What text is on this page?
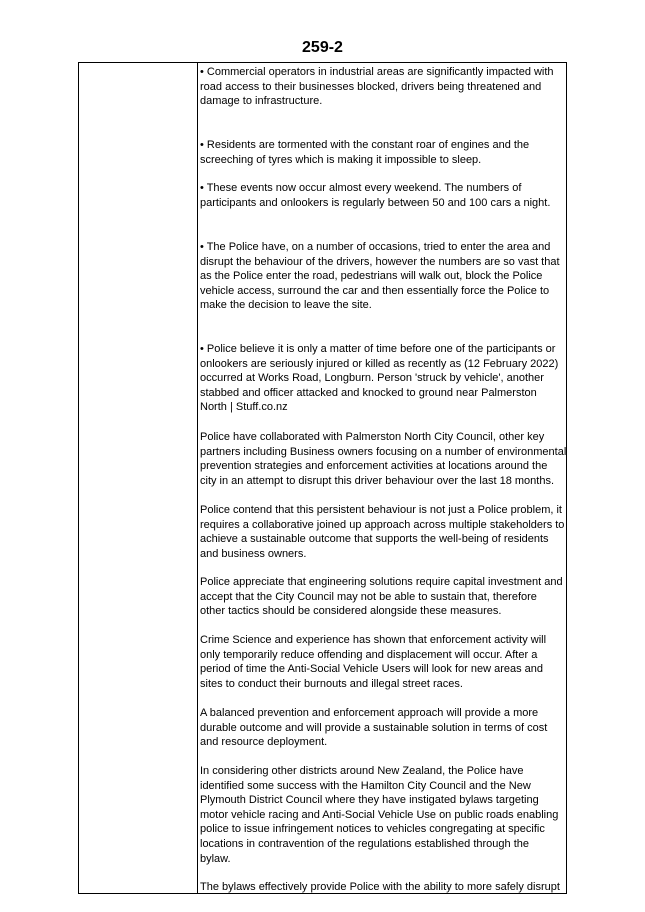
259-2

• Commercial operators in industrial areas are significantly impacted with
road access to their businesses blocked, drivers being threatened and
damage to infrastructure.

• Residents are tormented with the constant roar of engines and the
screeching of tyres which is making it impossible to sleep.

• These events now occur almost every weekend. The numbers of
participants and onlookers is regularly between 50 and 100 cars a night.

• The Police have, on a number of occasions, tried to enter the area and
disrupt the behaviour of the drivers, however the numbers are so vast that
as the Police enter the road, pedestrians will walk out, block the Police
vehicle access, surround the car and then essentially force the Police to
make the decision to leave the site.

• Police believe it is only a matter of time before one of the participants or
onlookers are seriously injured or killed as recently as (12 February 2022)
occurred at Works Road, Longburn. Person 'struck by vehicle', another
stabbed and officer attacked and knocked to ground near Palmerston
North | Stuff.co.nz

Police have collaborated with Palmerston North City Council, other key
partners including Business owners focusing on a number of environmental
prevention strategies and enforcement activities at locations around the
city in an attempt to disrupt this driver behaviour over the last 18 months.

Police contend that this persistent behaviour is not just a Police problem, it
requires a collaborative joined up approach across multiple stakeholders to
achieve a sustainable outcome that supports the well-being of residents
and business owners.

Police appreciate that engineering solutions require capital investment and
accept that the City Council may not be able to sustain that, therefore
other tactics should be considered alongside these measures.

Crime Science and experience has shown that enforcement activity will
only temporarily reduce offending and displacement will occur. After a
period of time the Anti-Social Vehicle Users will look for new areas and
sites to conduct their burnouts and illegal street races.

A balanced prevention and enforcement approach will provide a more
durable outcome and will provide a sustainable solution in terms of cost
and resource deployment.

In considering other districts around New Zealand, the Police have
identified some success with the Hamilton City Council and the New
Plymouth District Council where they have instigated bylaws targeting
motor vehicle racing and Anti-Social Vehicle Use on public roads enabling
police to issue infringement notices to vehicles congregating at specific
locations in contravention of the regulations established through the
bylaw.

The bylaws effectively provide Police with the ability to more safely disrupt
